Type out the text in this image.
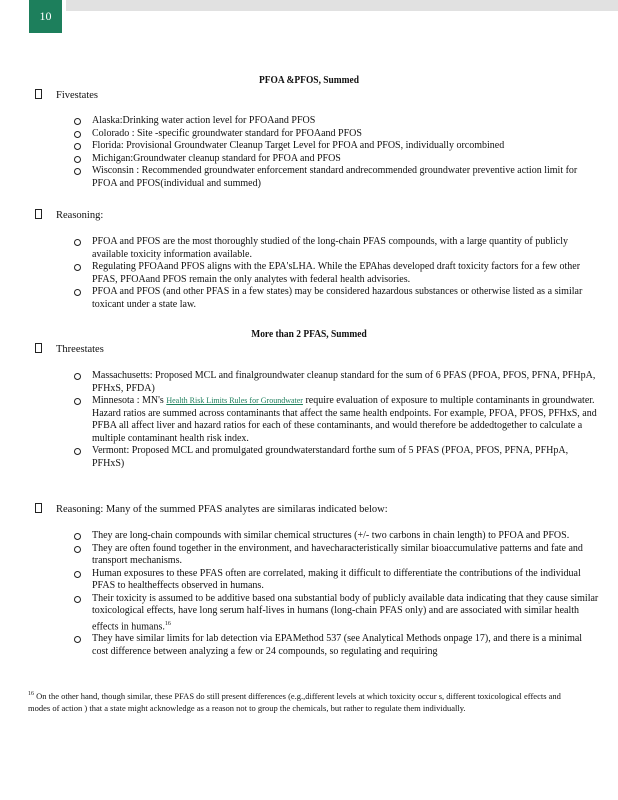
10
PFOA &PFOS, Summed
Fivestates
Alaska:Drinking water action level for PFOAand PFOS
Colorado : Site -specific groundwater standard for PFOAand PFOS
Florida: Provisional Groundwater Cleanup Target Level for PFOA and PFOS, individually orcombined
Michigan:Groundwater cleanup standard for PFOA and PFOS
Wisconsin : Recommended groundwater enforcement standard andrecommended groundwater preventive action limit for PFOA and PFOS(individual and summed)
Reasoning:
PFOA and PFOS are the most thoroughly studied of the long-chain PFAS compounds, with a large quantity of publicly available toxicity information available.
Regulating PFOAand PFOS aligns with the EPA'sLHA. While the EPAhas developed draft toxicity factors for a few other PFAS, PFOAand PFOS remain the only analytes with federal health advisories.
PFOA and PFOS (and other PFAS in a few states) may be considered hazardous substances or otherwise listed as a similar toxicant under a state law.
More than 2 PFAS, Summed
Threestates
Massachusetts: Proposed MCL and finalgroundwater cleanup standard for the sum of 6 PFAS (PFOA, PFOS, PFNA, PFHpA, PFHxS, PFDA)
Minnesota : MN's Health Risk Limits Rules for Groundwater require evaluation of exposure to multiple contaminants in groundwater. Hazard ratios are summed across contaminants that affect the same health endpoints. For example, PFOA, PFOS, PFHxS, and PFBA all affect liver and hazard ratios for each of these contaminants, and would therefore be addedtogether to calculate a multiple contaminant health risk index.
Vermont: Proposed MCL and promulgated groundwaterstandard forthe sum of 5 PFAS (PFOA, PFOS, PFNA, PFHpA, PFHxS)
Reasoning: Many of the summed PFAS analytes are similaras indicated below:
They are long-chain compounds with similar chemical structures (+/- two carbons in chain length) to PFOA and PFOS.
They are often found together in the environment, and havecharacteristically similar bioaccumulative patterns and fate and transport mechanisms.
Human exposures to these PFAS often are correlated, making it difficult to differentiate the contributions of the individual PFAS to healtheffects observed in humans.
Their toxicity is assumed to be additive based ona substantial body of publicly available data indicating that they cause similar toxicological effects, have long serum half-lives in humans (long-chain PFAS only) and are associated with similar health effects in humans.$^{16}$
They have similar limits for lab detection via EPAMethod 537 (see Analytical Methods onpage 17), and there is a minimal cost difference between analyzing a few or 24 compounds, so regulating and requiring
$^{16}$ On the other hand, though similar, these PFAS do still present differences (e.g.,different levels at which toxicity occur s, different toxicological effects and modes of action ) that a state might acknowledge as a reason not to group the chemicals, but rather to regulate them individually.
